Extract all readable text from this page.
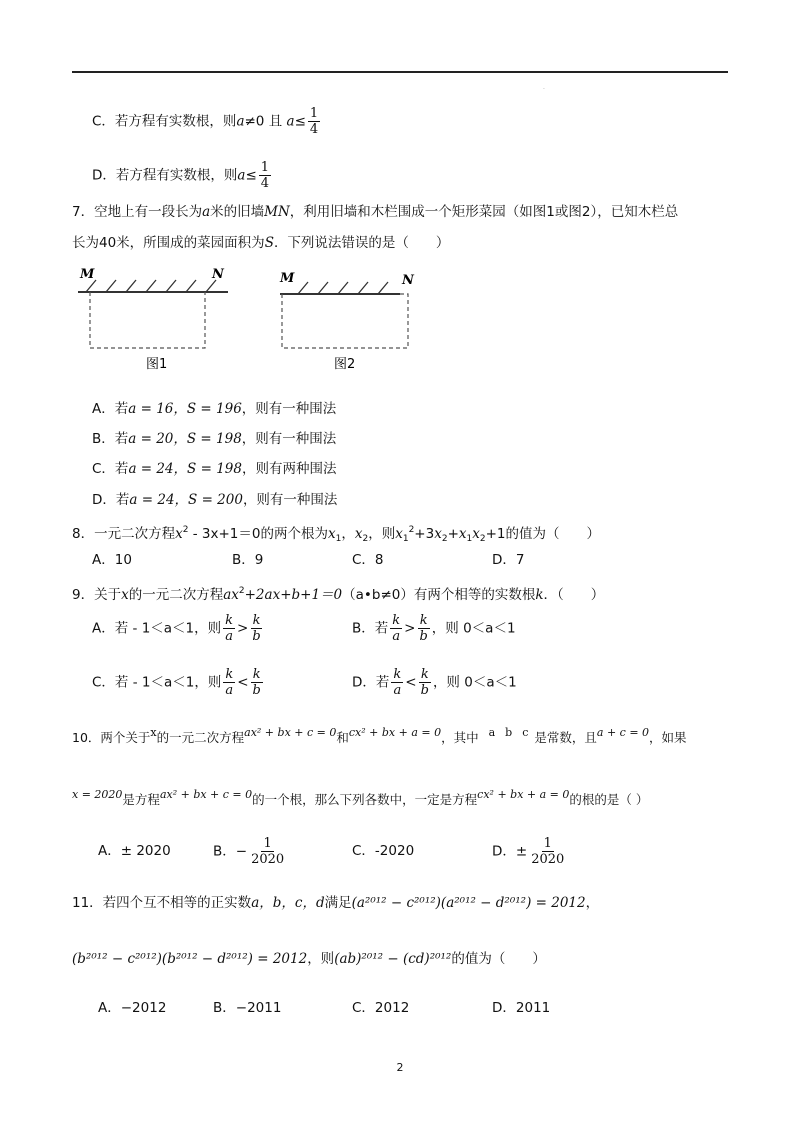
.
C．若方程有实数根，则a≠0 且 $a\le \frac{1}{4}$
D．若方程有实数根，则$a\le \frac{1}{4}$
7．空地上有一段长为a米的旧墙MN，利用旧墙和木栏围成一个矩形菜园（如图1或图2），已知木栏总
长为40米，所围成的菜园面积为S．下列说法错误的是（　　）
M	N
图1
M	N
图2
A．若a = 16，S = 196，则有一种围法
B．若a = 20，S = 198，则有一种围法
C．若a = 24，S = 198，则有两种围法
D．若a = 24，S = 200，则有一种围法
8．一元二次方程$x^2 - 3x+1=0$的两个根为$x_1$，$x_2$，则$x_1^2+3x_2+x_1x_2+1$的值为（　　）
A．10	B．9	C．8	D．7
9．关于x的一元二次方程$ax^2+2ax+b+1=0(a•b\ne 0)$有两个相等的实数根k．（　　）
A．若 - 1＜a＜1，则 $\frac{k}{a} > \frac{k}{b}$	B．若 $\frac{k}{a} > \frac{k}{b}$ ，则 0＜a＜1
C．若 - 1＜a＜1，则 $\frac{k}{a} < \frac{k}{b}$	D．若 $\frac{k}{a} < \frac{k}{b}$ ，则 0＜a＜1
10．两个关于x的一元二次方程ax² + bx + c = 0和cx² + bx + a = 0，其中 a b c 是常数，且a + c = 0，如果
x = 2020是方程ax² + bx + c = 0的一个根，那么下列各数中，一定是方程cx² + bx + a = 0的根的是（ ）
A．± 2020	B．− $\frac{1}{2020}$	C．-2020	D．± $\frac{1}{2020}$
11．若四个互不相等的正实数a，b，c，d满足(a²⁰¹² − c²⁰¹²)(a²⁰¹² − d²⁰¹²) = 2012，
(b²⁰¹² − c²⁰¹²)(b²⁰¹² − d²⁰¹²) = 2012，则(ab)²⁰¹² − (cd)²⁰¹²的值为（　　）
A．−2012	B．−2011	C．2012	D．2011
2
